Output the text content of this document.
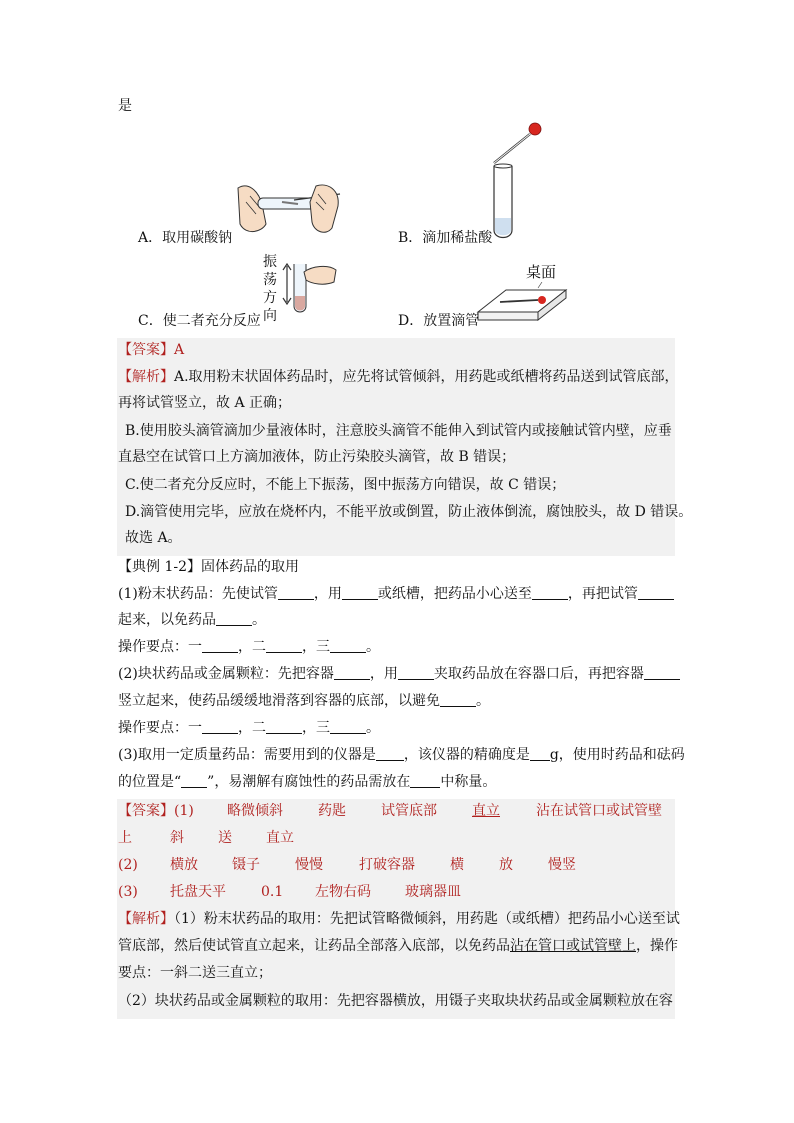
是
A．取用碳酸钠	B．滴加稀盐酸
C．使二者充分反应	D．放置滴管
振
荡
方
向
桌面
【答案】A
【解析】A.取用粉末状固体药品时，应先将试管倾斜，用药匙或纸槽将药品送到试管底部，
再将试管竖立，故 A 正确；
B.使用胶头滴管滴加少量液体时，注意胶头滴管不能伸入到试管内或接触试管内壁，应垂
直悬空在试管口上方滴加液体，防止污染胶头滴管，故 B 错误；
C.使二者充分反应时，不能上下振荡，图中振荡方向错误，故 C 错误；
D.滴管使用完毕，应放在烧杯内，不能平放或倒置，防止液体倒流，腐蚀胶头，故 D 错误。
故选 A。
【典例 1-2】固体药品的取用
(1)粉末状药品：先使试管	，用	或纸槽，把药品小心送至	，再把试管
起来，以免药品	。
操作要点：一	，二	，三	。
(2)块状药品或金属颗粒：先把容器	，用	夹取药品放在容器口后，再把容器
竖立起来，使药品缓缓地滑落到容器的底部，以避免	。
操作要点：一	，二	，三	。
(3)取用一定质量药品：需要用到的仪器是 ，该仪器的精确度是 g，使用时药品和砝码
的位置是“ ”，易潮解有腐蚀性的药品需放在 中称量。
【答案】 (1) 略微倾斜	药匙	试管底部	直立	沾在试管口或试管壁
上	斜 送 直立
(2) 横放 镊子	慢慢	打破容器	横	放	慢竖
(3) 托盘天平	0.1 左物右码 玻璃器皿
【解析】（1）粉末状药品的取用：先把试管略微倾斜，用药匙（或纸槽）把药品小心送至试
管底部，然后使试管直立起来，让药品全部落入底部，以免药品沾在管口或试管壁上，操作
要点：一斜二送三直立；
（2）块状药品或金属颗粒的取用：先把容器横放，用镊子夹取块状药品或金属颗粒放在容
